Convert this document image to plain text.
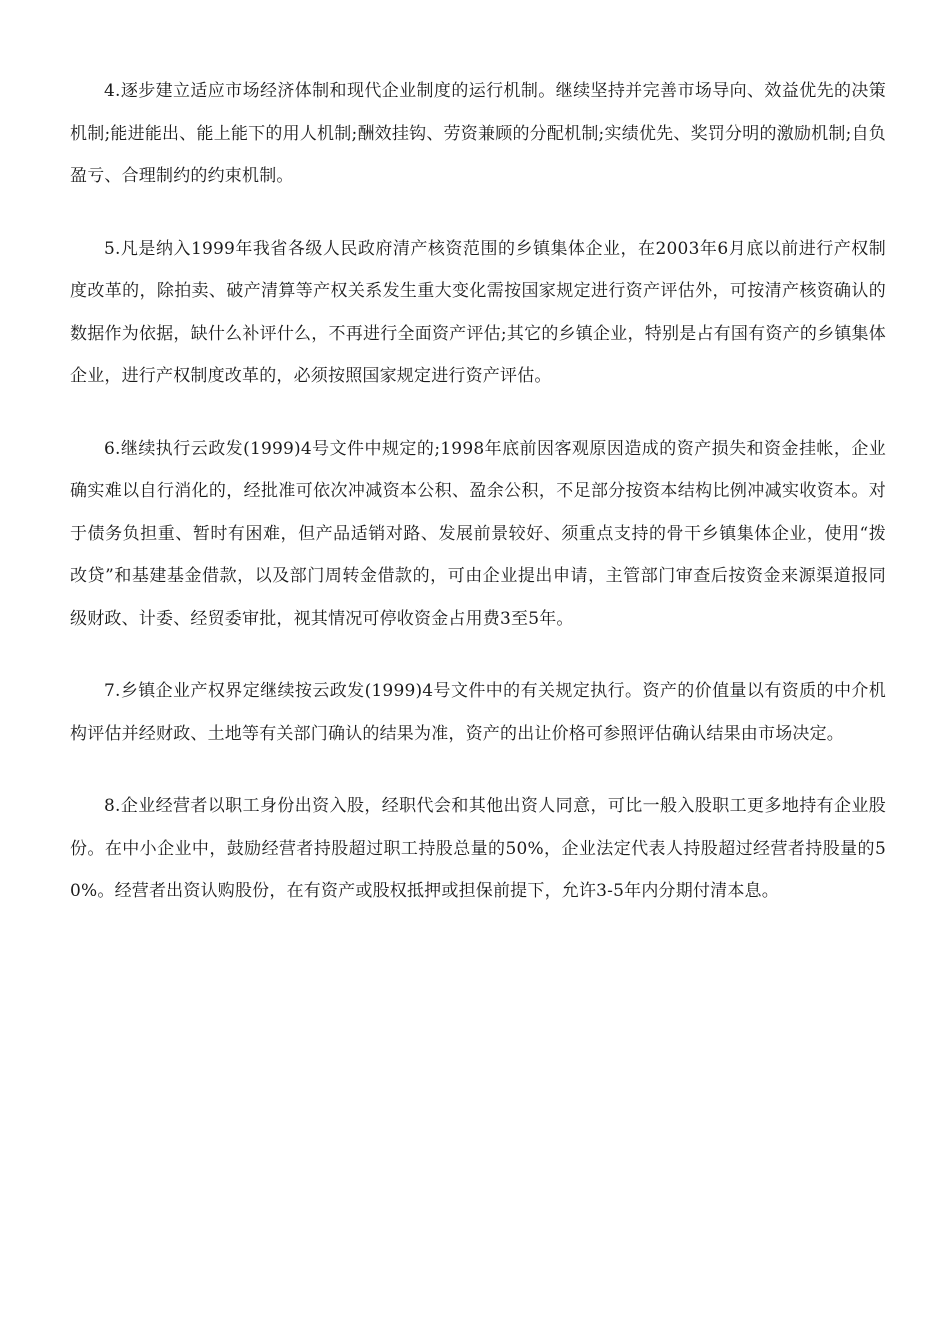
4.逐步建立适应市场经济体制和现代企业制度的运行机制。继续坚持并完善市场导向、效益优先的决策机制;能进能出、能上能下的用人机制;酬效挂钩、劳资兼顾的分配机制;实绩优先、奖罚分明的激励机制;自负盈亏、合理制约的约束机制。

5.凡是纳入1999年我省各级人民政府清产核资范围的乡镇集体企业，在2003年6月底以前进行产权制度改革的，除拍卖、破产清算等产权关系发生重大变化需按国家规定进行资产评估外，可按清产核资确认的数据作为依据，缺什么补评什么，不再进行全面资产评估;其它的乡镇企业，特别是占有国有资产的乡镇集体企业，进行产权制度改革的，必须按照国家规定进行资产评估。

6.继续执行云政发(1999)4号文件中规定的;1998年底前因客观原因造成的资产损失和资金挂帐，企业确实难以自行消化的，经批准可依次冲减资本公积、盈余公积，不足部分按资本结构比例冲减实收资本。对于债务负担重、暂时有困难，但产品适销对路、发展前景较好、须重点支持的骨干乡镇集体企业，使用“拨改贷”和基建基金借款，以及部门周转金借款的，可由企业提出申请，主管部门审查后按资金来源渠道报同级财政、计委、经贸委审批，视其情况可停收资金占用费3至5年。

7.乡镇企业产权界定继续按云政发(1999)4号文件中的有关规定执行。资产的价值量以有资质的中介机构评估并经财政、土地等有关部门确认的结果为准，资产的出让价格可参照评估确认结果由市场决定。

8.企业经营者以职工身份出资入股，经职代会和其他出资人同意，可比一般入股职工更多地持有企业股份。在中小企业中，鼓励经营者持股超过职工持股总量的50%，企业法定代表人持股超过经营者持股量的50%。经营者出资认购股份，在有资产或股权抵押或担保前提下，允许3-5年内分期付清本息。
